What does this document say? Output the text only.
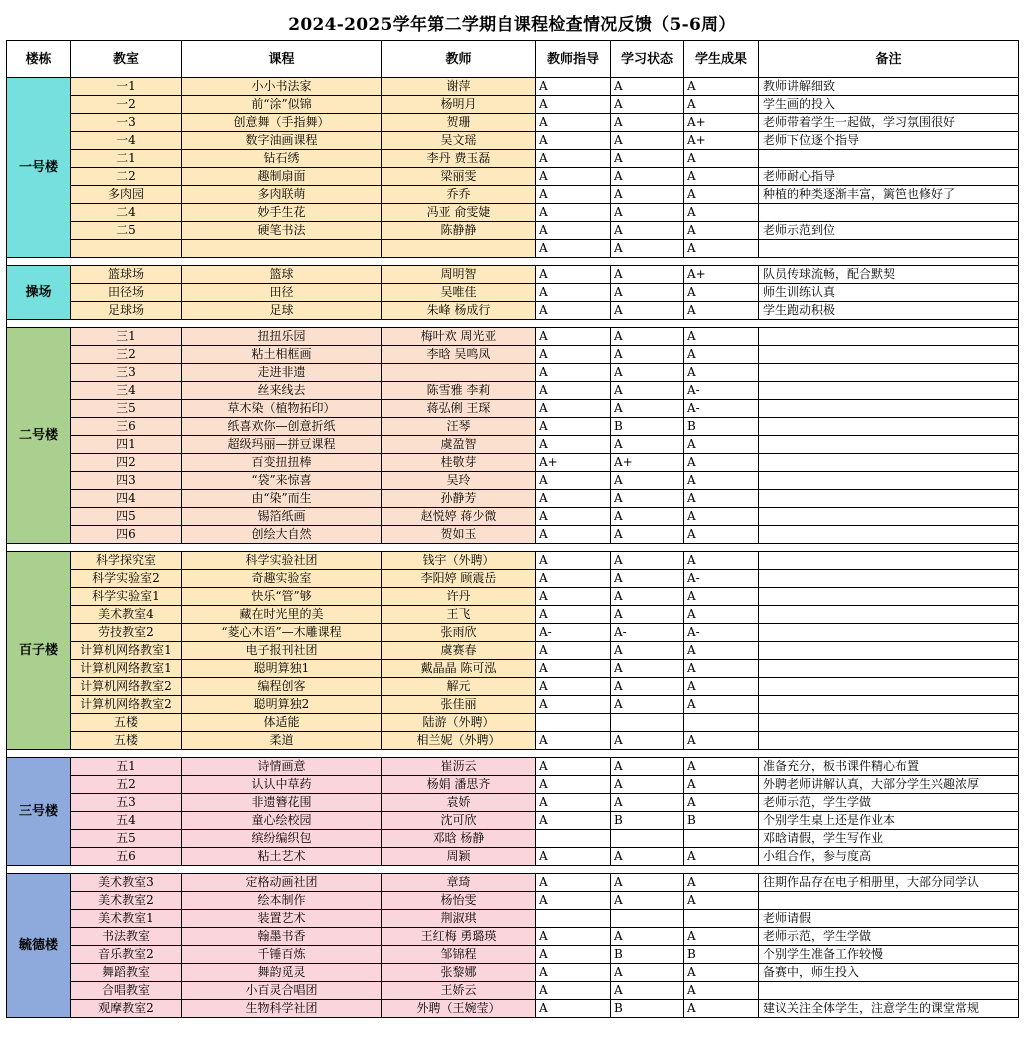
2024-2025学年第二学期自课程检查情况反馈（5-6周）
楼栋	教室	课程	教师	教师指导	学习状态	学生成果	备注
一号楼	一1	小小书法家	谢萍	A	A	A	教师讲解细致
	一2	前“涂”似锦	杨明月	A	A	A	学生画的投入
	一3	创意舞（手指舞）	贺珊	A	A	A+	老师带着学生一起做，学习氛围很好
	一4	数字油画课程	吴文瑶	A	A	A+	老师下位逐个指导
	二1	钻石绣	李丹 费玉磊	A	A	A	
	二2	趣制扇面	梁丽雯	A	A	A	老师耐心指导
	多肉园	多肉联萌	乔乔	A	A	A	种植的种类逐渐丰富，篱笆也修好了
	二4	妙手生花	冯亚 俞雯婕	A	A	A	
	二5	硬笔书法	陈静静	A	A	A	老师示范到位
				A	A	A	

操场	篮球场	篮球	周明智	A	A	A+	队员传球流畅，配合默契
	田径场	田径	吴唯佳	A	A	A	师生训练认真
	足球场	足球	朱峰 杨成行	A	A	A	学生跑动积极

二号楼	三1	扭扭乐园	梅叶欢 周光亚	A	A	A	
	三2	粘土相框画	李晗 吴鸣凤	A	A	A	
	三3	走进非遗		A	A	A	
	三4	丝来线去	陈雪雅 李莉	A	A	A-	
	三5	草木染（植物拓印）	蒋弘俐 王琛	A	A	A-	
	三6	纸喜欢你—创意折纸	汪琴	A	B	B	
	四1	超级玛丽—拼豆课程	虞盈智	A	A	A	
	四2	百变扭扭棒	桂敬芽	A+	A+	A	
	四3	“袋”来惊喜	吴玲	A	A	A	
	四4	由“染”而生	孙静芳	A	A	A	
	四5	锡箔纸画	赵悦婷 蒋少微	A	A	A	
	四6	创绘大自然	贺如玉	A	A	A	

百子楼	科学探究室	科学实验社团	钱宇（外聘）	A	A	A	
	科学实验室2	奇趣实验室	李阳婷 顾震岳	A	A	A-	
	科学实验室1	快乐“管”够	许丹	A	A	A	
	美术教室4	藏在时光里的美	王飞	A	A	A	
	劳技教室2	“菱心木语”—木雕课程	张雨欣	A-	A-	A-	
	计算机网络教室1	电子报刊社团	虞赛春	A	A	A	
	计算机网络教室1	聪明算独1	戴晶晶 陈可泓	A	A	A	
	计算机网络教室2	编程创客	解元	A	A	A	
	计算机网络教室2	聪明算独2	张佳丽	A	A	A	
	五楼	体适能	陆游（外聘）				
	五楼	柔道	相兰妮（外聘）	A	A	A	

三号楼	五1	诗情画意	崔沥云	A	A	A	准备充分，板书课件精心布置
	五2	认认中草药	杨娟 潘思齐	A	A	A	外聘老师讲解认真，大部分学生兴趣浓厚
	五3	非遗簪花围	袁娇	A	A	A	老师示范，学生学做
	五4	童心绘校园	沈可欣	A	B	B	个别学生桌上还是作业本
	五5	缤纷编织包	邓晗 杨静				邓晗请假，学生写作业
	五6	粘土艺术	周颖	A	A	A	小组合作，参与度高

毓德楼	美术教室3	定格动画社团	章琦	A	A	A	往期作品存在电子相册里，大部分同学认
	美术教室2	绘本制作	杨怡雯	A	A	A	
	美术教室1	装置艺术	荆淑琪				老师请假
	书法教室	翰墨书香	王红梅 勇璐瑛	A	A	A	老师示范，学生学做
	音乐教室2	千锤百炼	邹锦程	A	B	B	个别学生准备工作较慢
	舞蹈教室	舞韵觅灵	张黎娜	A	A	A	备赛中，师生投入
	合唱教室	小百灵合唱团	王娇云	A	A	A	
	观摩教室2	生物科学社团	外聘（王婉莹）	A	B	A	建议关注全体学生，注意学生的课堂常规
